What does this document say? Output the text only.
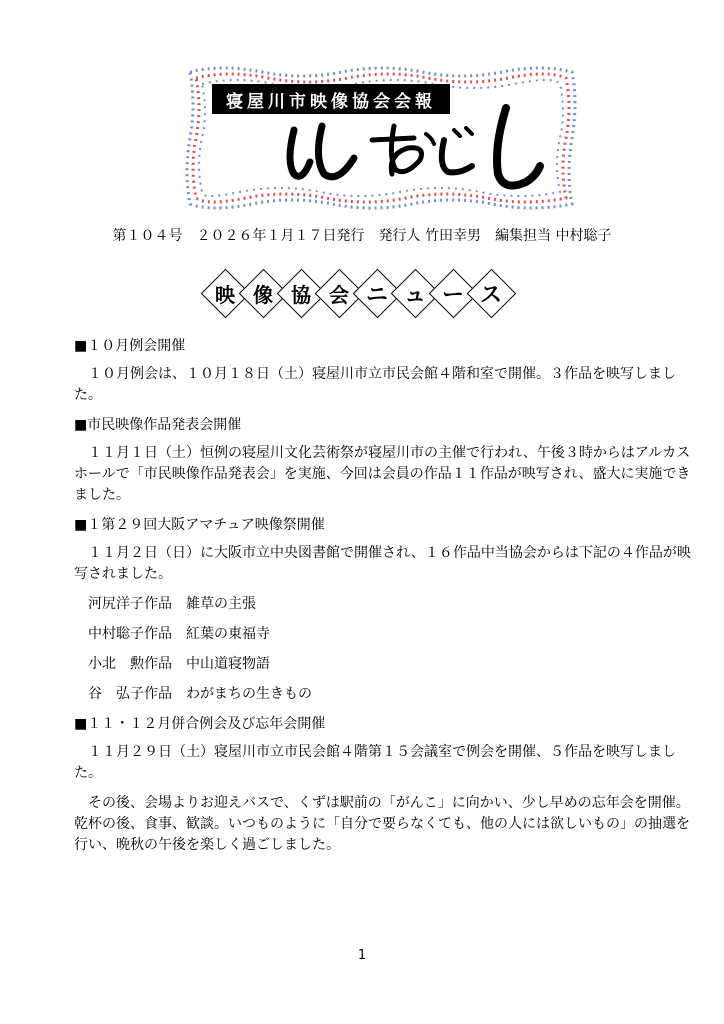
寝屋川市映像協会会報
第１０４号　２０２６年１月１７日発行　発行人 竹田幸男　編集担当 中村聡子
映 像 協 会 ニ ュ ー ス
■１０月例会開催
１０月例会は、１０月１８日（土）寝屋川市立市民会館４階和室で開催。３作品を映写しました。
■市民映像作品発表会開催
１１月１日（土）恒例の寝屋川文化芸術祭が寝屋川市の主催で行われ、午後３時からはアルカスホールで「市民映像作品発表会」を実施、今回は会員の作品１１作品が映写され、盛大に実施できました。
■１第２９回大阪アマチュア映像祭開催
１１月２日（日）に大阪市立中央図書館で開催され、１６作品中当協会からは下記の４作品が映写されました。
河尻洋子作品　雑草の主張
中村聡子作品　紅葉の東福寺
小北　勲作品　中山道寝物語
谷　弘子作品　わがまちの生きもの
■１１・１２月併合例会及び忘年会開催
１１月２９日（土）寝屋川市立市民会館４階第１５会議室で例会を開催、５作品を映写しました。
その後、会場よりお迎えバスで、くずは駅前の「がんこ」に向かい、少し早めの忘年会を開催。乾杯の後、食事、歓談。いつものように「自分で要らなくても、他の人には欲しいもの」の抽選を行い、晩秋の午後を楽しく過ごしました。
1
